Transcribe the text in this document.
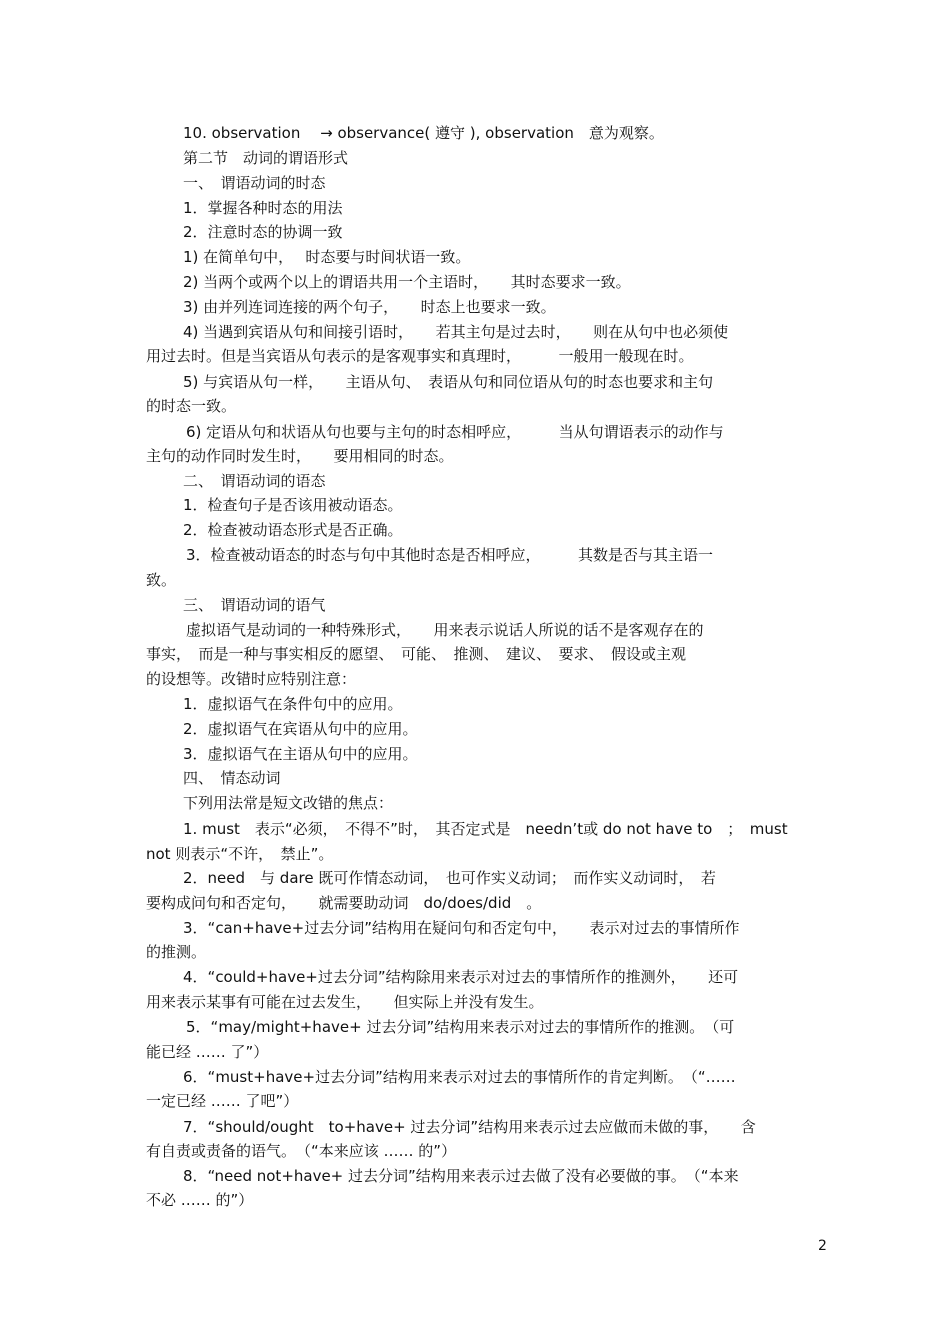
10. observation　 → observance( 遵守 ), observation　意为观察。
第二节　动词的谓语形式
一、　谓语动词的时态
1．掌握各种时态的用法
2．注意时态的协调一致
1) 在简单句中，　 时态要与时间状语一致。
2) 当两个或两个以上的谓语共用一个主语时，　　其时态要求一致。
3) 由并列连词连接的两个句子，　　时态上也要求一致。
4) 当遇到宾语从句和间接引语时，　　若其主句是过去时，　　则在从句中也必须使
用过去时。但是当宾语从句表示的是客观事实和真理时，　　　一般用一般现在时。
5) 与宾语从句一样，　　主语从句、　表语从句和同位语从句的时态也要求和主句
的时态一致。
6) 定语从句和状语从句也要与主句的时态相呼应，　　　当从句谓语表示的动作与
主句的动作同时发生时，　　要用相同的时态。
二、　谓语动词的语态
1．检查句子是否该用被动语态。
2．检查被动语态形式是否正确。
3．检查被动语态的时态与句中其他时态是否相呼应，　　　其数是否与其主语一
致。
三、　谓语动词的语气
虚拟语气是动词的一种特殊形式，　　用来表示说话人所说的话不是客观存在的
事实，　而是一种与事实相反的愿望、　可能、　推测、　建议、　要求、　假设或主观
的设想等。改错时应特别注意：
1．虚拟语气在条件句中的应用。
2．虚拟语气在宾语从句中的应用。
3．虚拟语气在主语从句中的应用。
四、　情态动词
下列用法常是短文改错的焦点：
1. must　表示“必须，　不得不”时，　其否定式是　needn’t或 do not have to　；　must
not 则表示“不许，　禁止”。
2．need　与 dare 既可作情态动词，　也可作实义动词；　而作实义动词时，　若
要构成问句和否定句，　　就需要助动词　do/does/did　。
3．“can+have+过去分词”结构用在疑问句和否定句中，　　表示对过去的事情所作
的推测。
4．“could+have+过去分词”结构除用来表示对过去的事情所作的推测外，　　还可
用来表示某事有可能在过去发生，　　但实际上并没有发生。
5．“may/might+have+ 过去分词”结构用来表示对过去的事情所作的推测。　（可
能已经 …… 了”）
6．“must+have+过去分词”结构用来表示对过去的事情所作的肯定判断。　（“……
一定已经 …… 了吧”）
7．“should/ought　to+have+ 过去分词”结构用来表示过去应做而未做的事，　　含
有自责或责备的语气。　（“本来应该 …… 的”）
8．“need not+have+ 过去分词”结构用来表示过去做了没有必要做的事。　（“本来
不必 …… 的”）
2
